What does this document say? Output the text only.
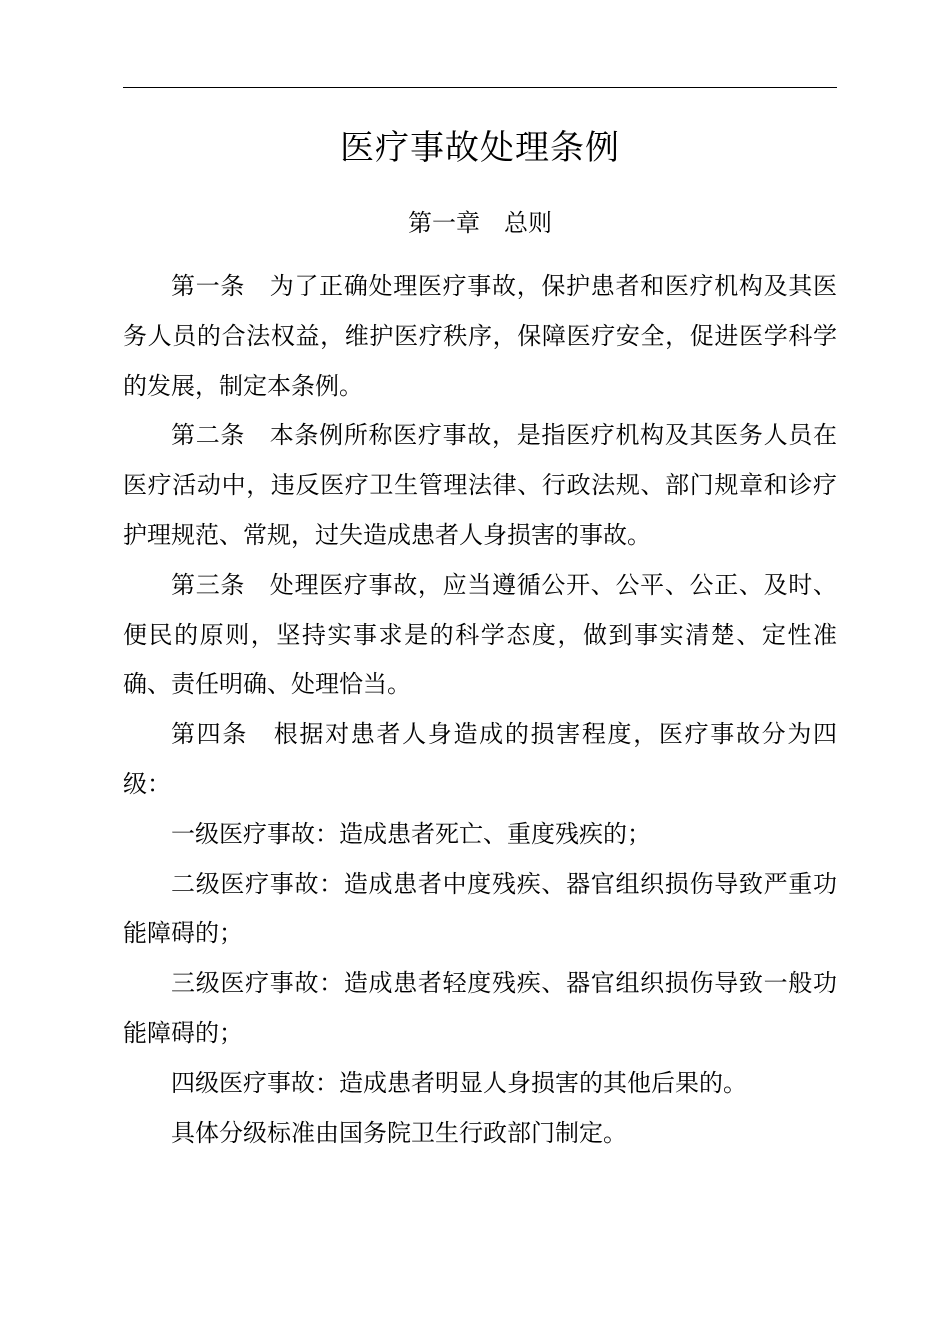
医疗事故处理条例
第一章　总则

第一条　为了正确处理医疗事故，保护患者和医疗机构及其医务人员的合法权益，维护医疗秩序，保障医疗安全，促进医学科学的发展，制定本条例。

第二条　本条例所称医疗事故，是指医疗机构及其医务人员在医疗活动中，违反医疗卫生管理法律、行政法规、部门规章和诊疗护理规范、常规，过失造成患者人身损害的事故。

第三条　处理医疗事故，应当遵循公开、公平、公正、及时、便民的原则，坚持实事求是的科学态度，做到事实清楚、定性准确、责任明确、处理恰当。

第四条　根据对患者人身造成的损害程度，医疗事故分为四级：

一级医疗事故：造成患者死亡、重度残疾的；

二级医疗事故：造成患者中度残疾、器官组织损伤导致严重功能障碍的；

三级医疗事故：造成患者轻度残疾、器官组织损伤导致一般功能障碍的；

四级医疗事故：造成患者明显人身损害的其他后果的。

具体分级标准由国务院卫生行政部门制定。
